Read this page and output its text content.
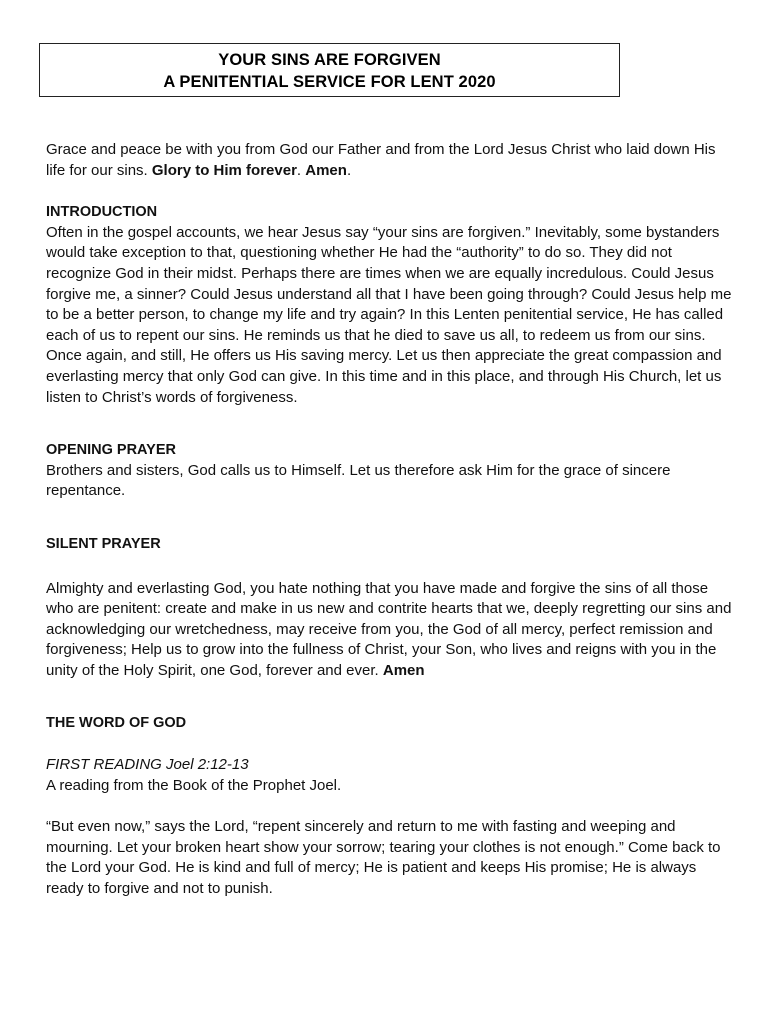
YOUR SINS ARE FORGIVEN
A PENITENTIAL SERVICE FOR LENT 2020

Grace and peace be with you from God our Father and from the Lord Jesus Christ who laid down His life for our sins. Glory to Him forever. Amen.

INTRODUCTION

Often in the gospel accounts, we hear Jesus say “your sins are forgiven.” Inevitably, some bystanders would take exception to that, questioning whether He had the “authority” to do so. They did not recognize God in their midst. Perhaps there are times when we are equally incredulous. Could Jesus forgive me, a sinner? Could Jesus understand all that I have been going through? Could Jesus help me to be a better person, to change my life and try again? In this Lenten penitential service, He has called each of us to repent our sins. He reminds us that he died to save us all, to redeem us from our sins. Once again, and still, He offers us His saving mercy. Let us then appreciate the great compassion and everlasting mercy that only God can give. In this time and in this place, and through His Church, let us listen to Christ’s words of forgiveness.

OPENING PRAYER

Brothers and sisters, God calls us to Himself. Let us therefore ask Him for the grace of sincere repentance.

SILENT PRAYER

Almighty and everlasting God, you hate nothing that you have made and forgive the sins of all those who are penitent: create and make in us new and contrite hearts that we, deeply regretting our sins and acknowledging our wretchedness, may receive from you, the God of all mercy, perfect remission and forgiveness; Help us to grow into the fullness of Christ, your Son, who lives and reigns with you in the unity of the Holy Spirit, one God, forever and ever. Amen

THE WORD OF GOD

FIRST READING Joel 2:12-13

A reading from the Book of the Prophet Joel.

“But even now,” says the Lord, “repent sincerely and return to me with fasting and weeping and mourning. Let your broken heart show your sorrow; tearing your clothes is not enough.” Come back to the Lord your God. He is kind and full of mercy; He is patient and keeps His promise; He is always ready to forgive and not to punish.
